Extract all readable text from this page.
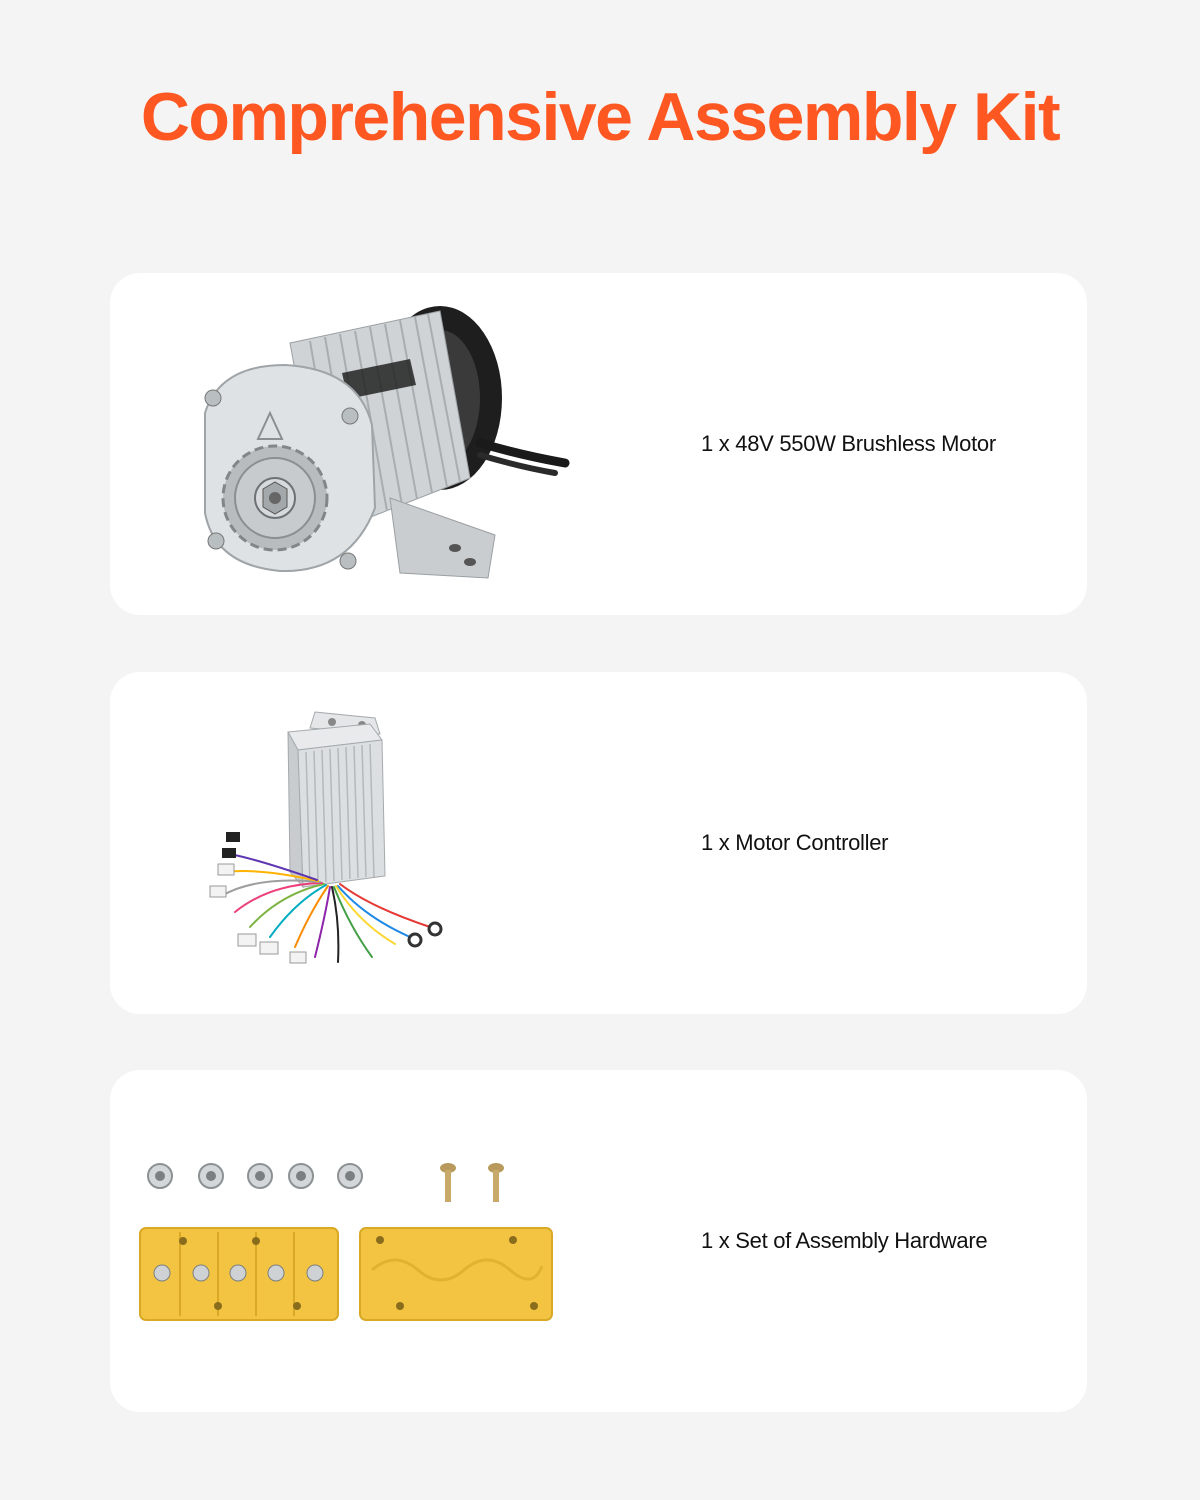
Comprehensive Assembly Kit
1 x 48V 550W Brushless Motor
1 x Motor Controller
1 x Set of Assembly Hardware
